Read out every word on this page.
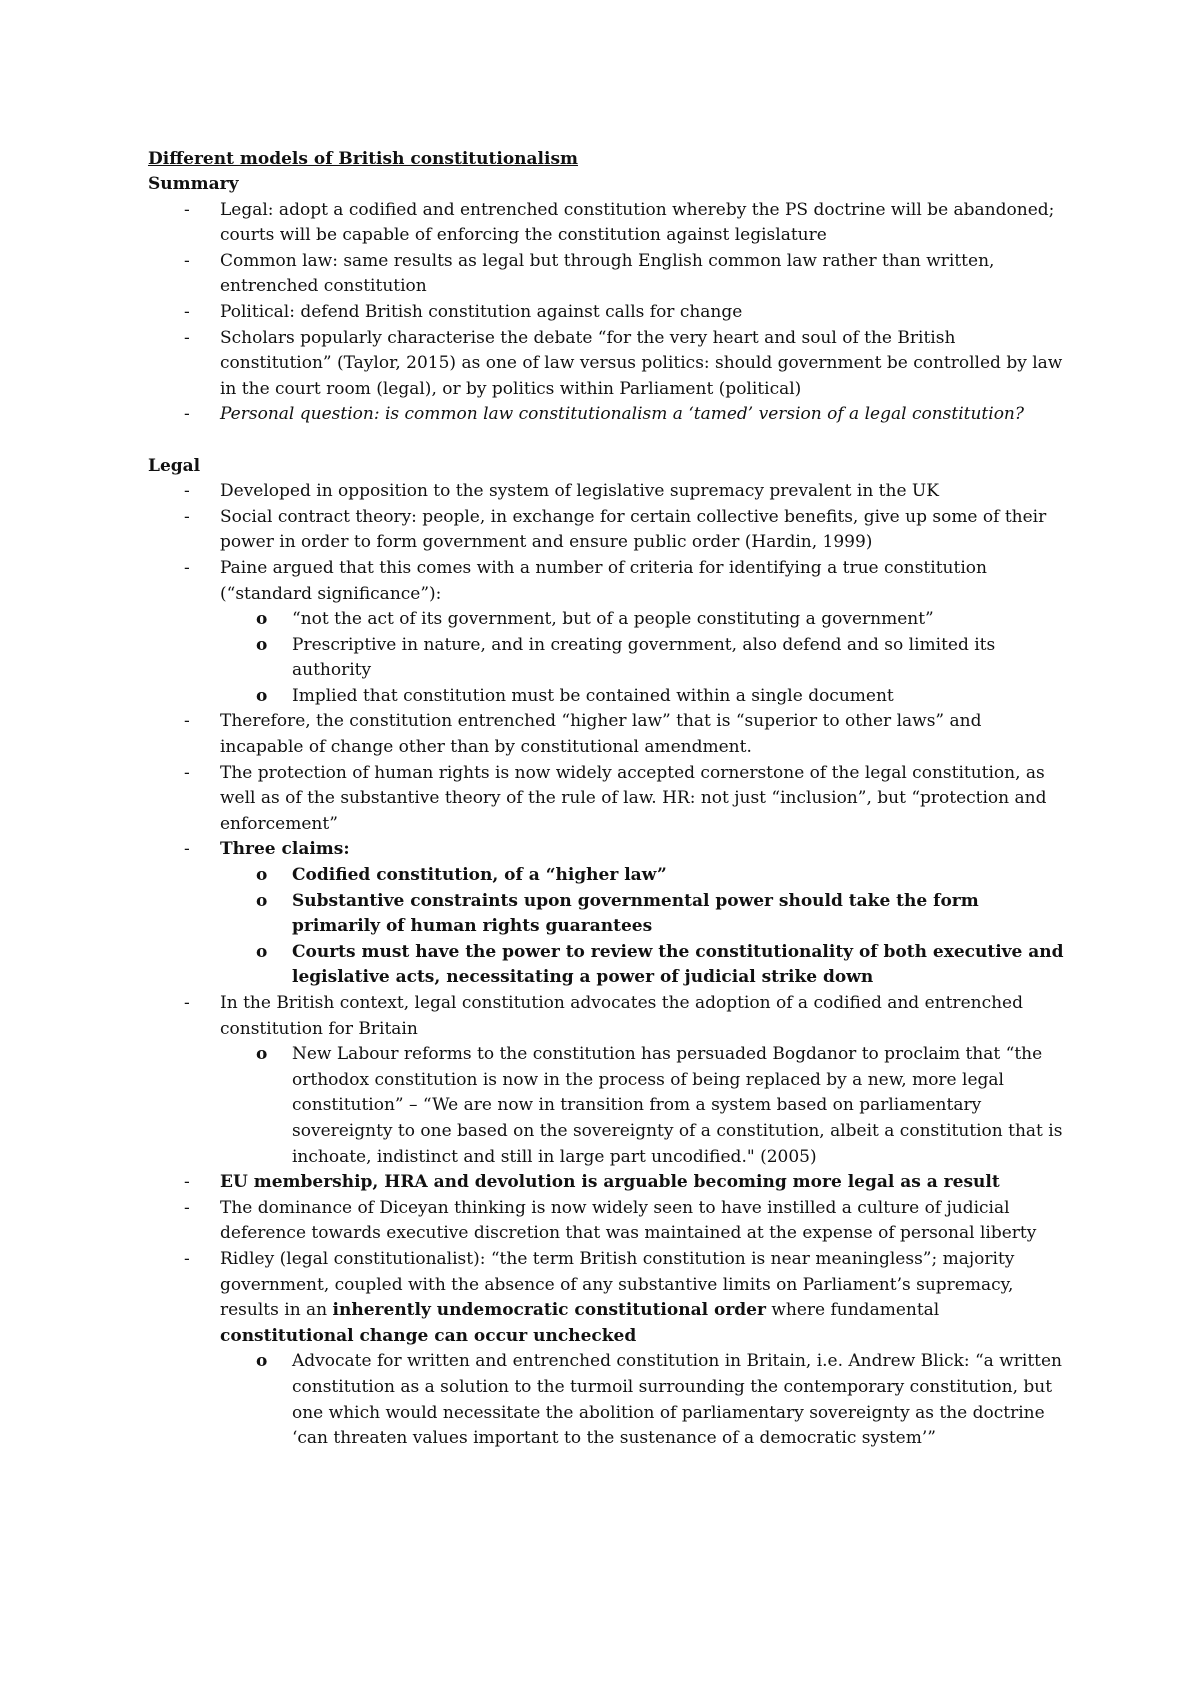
Different models of British constitutionalism

Summary

- Legal: adopt a codified and entrenched constitution whereby the PS doctrine will be abandoned; courts will be capable of enforcing the constitution against legislature
- Common law: same results as legal but through English common law rather than written, entrenched constitution
- Political: defend British constitution against calls for change
- Scholars popularly characterise the debate “for the very heart and soul of the British constitution” (Taylor, 2015) as one of law versus politics: should government be controlled by law in the court room (legal), or by politics within Parliament (political)
- Personal question: is common law constitutionalism a ‘tamed’ version of a legal constitution?

Legal

- Developed in opposition to the system of legislative supremacy prevalent in the UK
- Social contract theory: people, in exchange for certain collective benefits, give up some of their power in order to form government and ensure public order (Hardin, 1999)
- Paine argued that this comes with a number of criteria for identifying a true constitution (“standard significance”):
o “not the act of its government, but of a people constituting a government”
o Prescriptive in nature, and in creating government, also defend and so limited its authority
o Implied that constitution must be contained within a single document
- Therefore, the constitution entrenched “higher law” that is “superior to other laws” and incapable of change other than by constitutional amendment.
- The protection of human rights is now widely accepted cornerstone of the legal constitution, as well as of the substantive theory of the rule of law. HR: not just “inclusion”, but “protection and enforcement”
- Three claims:
o Codified constitution, of a “higher law”
o Substantive constraints upon governmental power should take the form primarily of human rights guarantees
o Courts must have the power to review the constitutionality of both executive and legislative acts, necessitating a power of judicial strike down
- In the British context, legal constitution advocates the adoption of a codified and entrenched constitution for Britain
o New Labour reforms to the constitution has persuaded Bogdanor to proclaim that “the orthodox constitution is now in the process of being replaced by a new, more legal constitution” – “We are now in transition from a system based on parliamentary sovereignty to one based on the sovereignty of a constitution, albeit a constitution that is inchoate, indistinct and still in large part uncodified." (2005)
- EU membership, HRA and devolution is arguable becoming more legal as a result
- The dominance of Diceyan thinking is now widely seen to have instilled a culture of judicial deference towards executive discretion that was maintained at the expense of personal liberty
- Ridley (legal constitutionalist): “the term British constitution is near meaningless”; majority government, coupled with the absence of any substantive limits on Parliament’s supremacy, results in an inherently undemocratic constitutional order where fundamental constitutional change can occur unchecked
o Advocate for written and entrenched constitution in Britain, i.e. Andrew Blick: “a written constitution as a solution to the turmoil surrounding the contemporary constitution, but one which would necessitate the abolition of parliamentary sovereignty as the doctrine ‘can threaten values important to the sustenance of a democratic system’”
